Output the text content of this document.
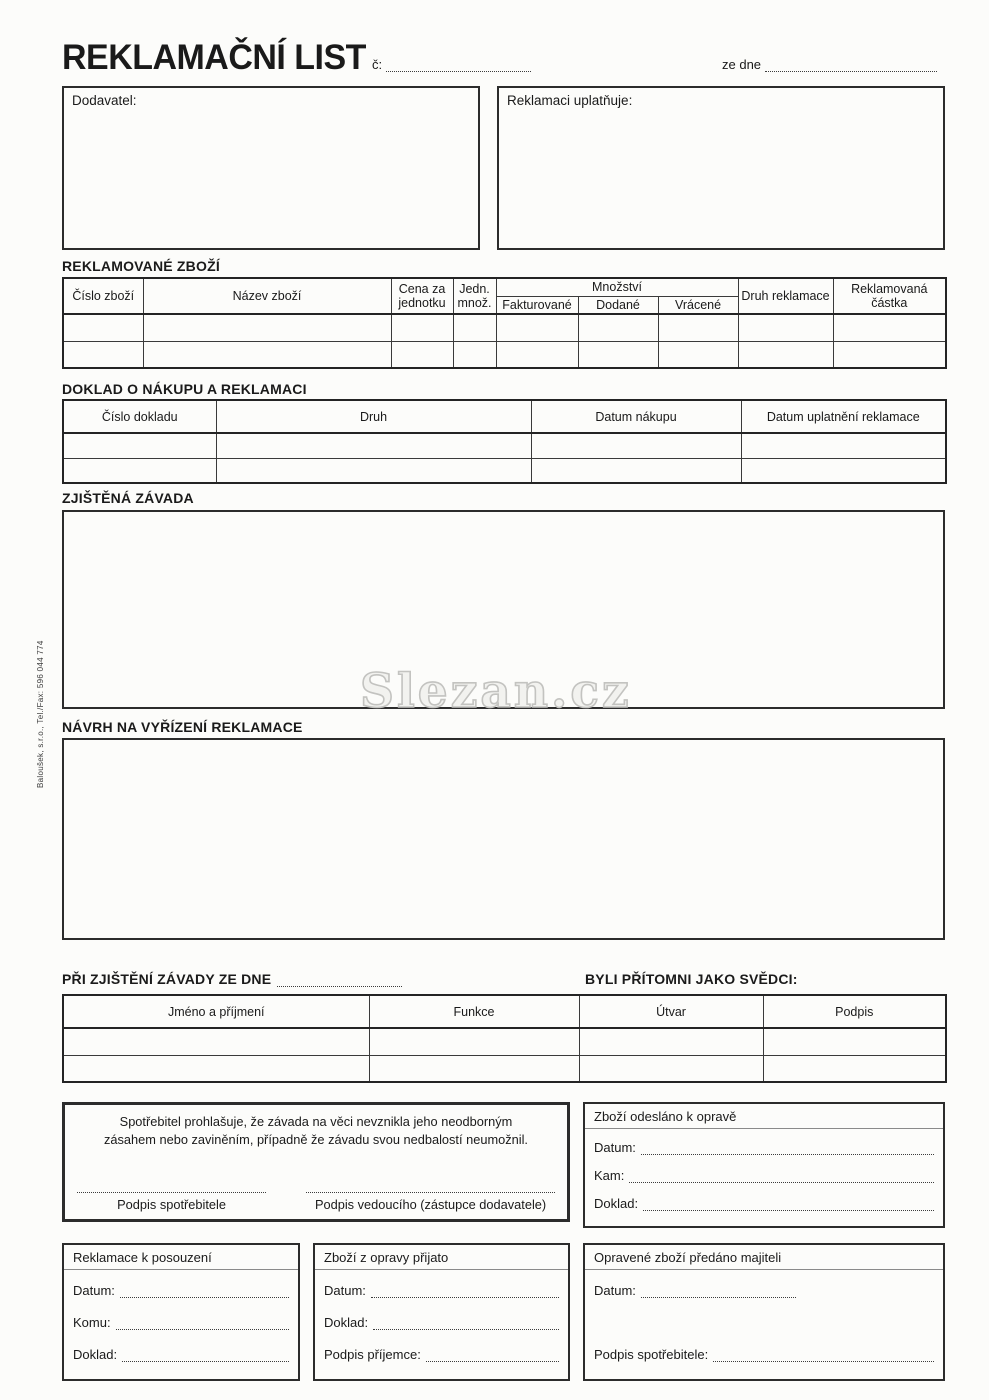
REKLAMAČNÍ LIST č:	ze dne
Dodavatel:	Reklamaci uplatňuje:
REKLAMOVANÉ ZBOŽÍ
Číslo zboží	Název zboží	Cena za jednotku	Jedn. množ.	Množství			Druh reklamace	Reklamovaná částka
				Fakturované	Dodané	Vrácené		

DOKLAD O NÁKUPU A REKLAMACI
Číslo dokladu	Druh	Datum nákupu	Datum uplatnění reklamace

ZJIŠTĚNÁ ZÁVADA
Slezan.cz
Baloušek, s.r.o., Tel./Fax: 596 044 774 NÁVRH NA VYŘÍZENÍ REKLAMACE
PŘI ZJIŠTĚNÍ ZÁVADY ZE DNE	BYLI PŘÍTOMNI JAKO SVĚDCI:
Jméno a příjmení	Funkce	Útvar	Podpis

Spotřebitel prohlašuje, že závada na věci nevznikla jeho neodborným zásahem nebo zaviněním, případně že závadu svou nedbalostí neumožnil.
Podpis spotřebitele	Podpis vedoucího (zástupce dodavatele)
Zboží odesláno k opravě
Datum:
Kam:
Doklad:
Reklamace k posouzení
Datum:
Komu:
Doklad:
Zboží z opravy přijato
Datum:
Doklad:
Podpis příjemce:
Opravené zboží předáno majiteli
Datum:
Podpis spotřebitele:
